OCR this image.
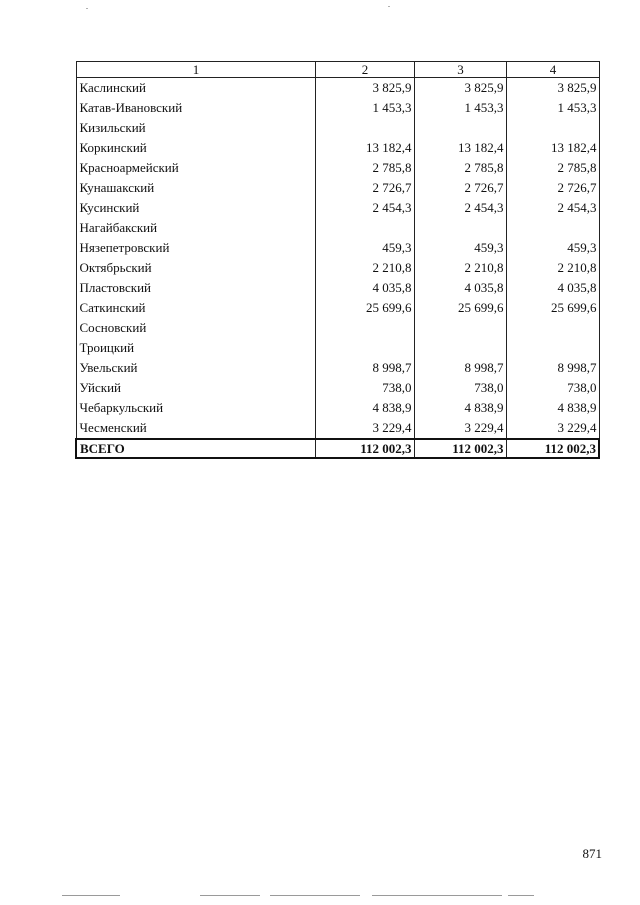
1	2	3	4
Каслинский	3 825,9	3 825,9	3 825,9
Катав-Ивановский	1 453,3	1 453,3	1 453,3
Кизильский			
Коркинский	13 182,4	13 182,4	13 182,4
Красноармейский	2 785,8	2 785,8	2 785,8
Кунашакский	2 726,7	2 726,7	2 726,7
Кусинский	2 454,3	2 454,3	2 454,3
Нагайбакский			
Нязепетровский	459,3	459,3	459,3
Октябрьский	2 210,8	2 210,8	2 210,8
Пластовский	4 035,8	4 035,8	4 035,8
Саткинский	25 699,6	25 699,6	25 699,6
Сосновский			
Троицкий			
Увельский	8 998,7	8 998,7	8 998,7
Уйский	738,0	738,0	738,0
Чебаркульский	4 838,9	4 838,9	4 838,9
Чесменский	3 229,4	3 229,4	3 229,4
ВСЕГО	112 002,3	112 002,3	112 002,3
871
